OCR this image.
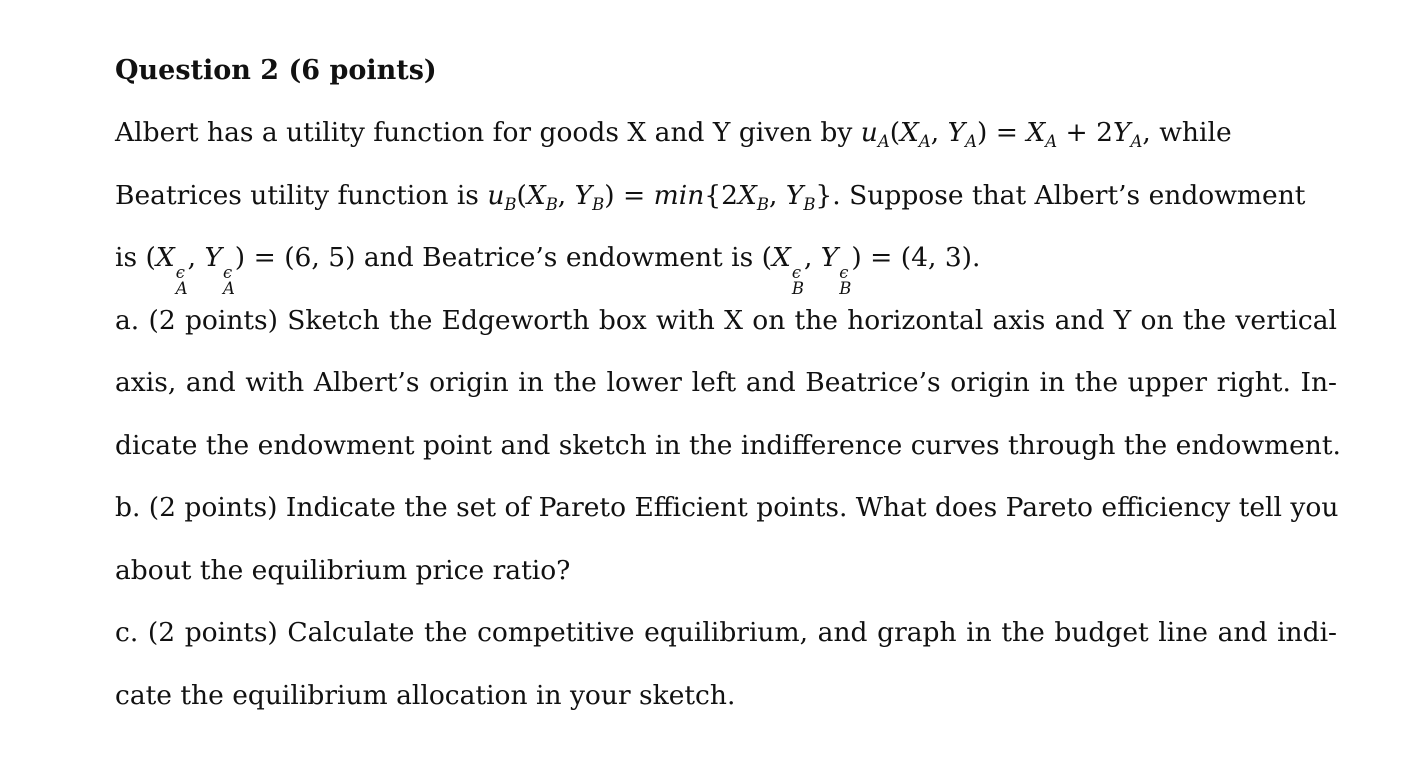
Question 2 (6 points)
Albert has a utility function for goods X and Y given by $u_A(X_A$, $Y_A) = X_A + 2Y_A$, while
Beatrices utility function is $u_B(X_B$, $Y_B) = \min\{2X_B$, $Y_B$}. Suppose that Albert’s endowment
is (X ϵ
A
, Y ϵ
A
) = (6, 5) and Beatrice’s endowment is (X ϵ
B
, Y ϵ
B
) = (4, 3).
a. (2 points) Sketch the Edgeworth box with X on the horizontal axis and Y on the vertical
axis, and with Albert’s origin in the lower left and Beatrice’s origin in the upper right. In-
dicate the endowment point and sketch in the indifference curves through the endowment.
b. (2 points) Indicate the set of Pareto Efficient points. What does Pareto efficiency tell you
about the equilibrium price ratio?
c. (2 points) Calculate the competitive equilibrium, and graph in the budget line and indi-
cate the equilibrium allocation in your sketch.
